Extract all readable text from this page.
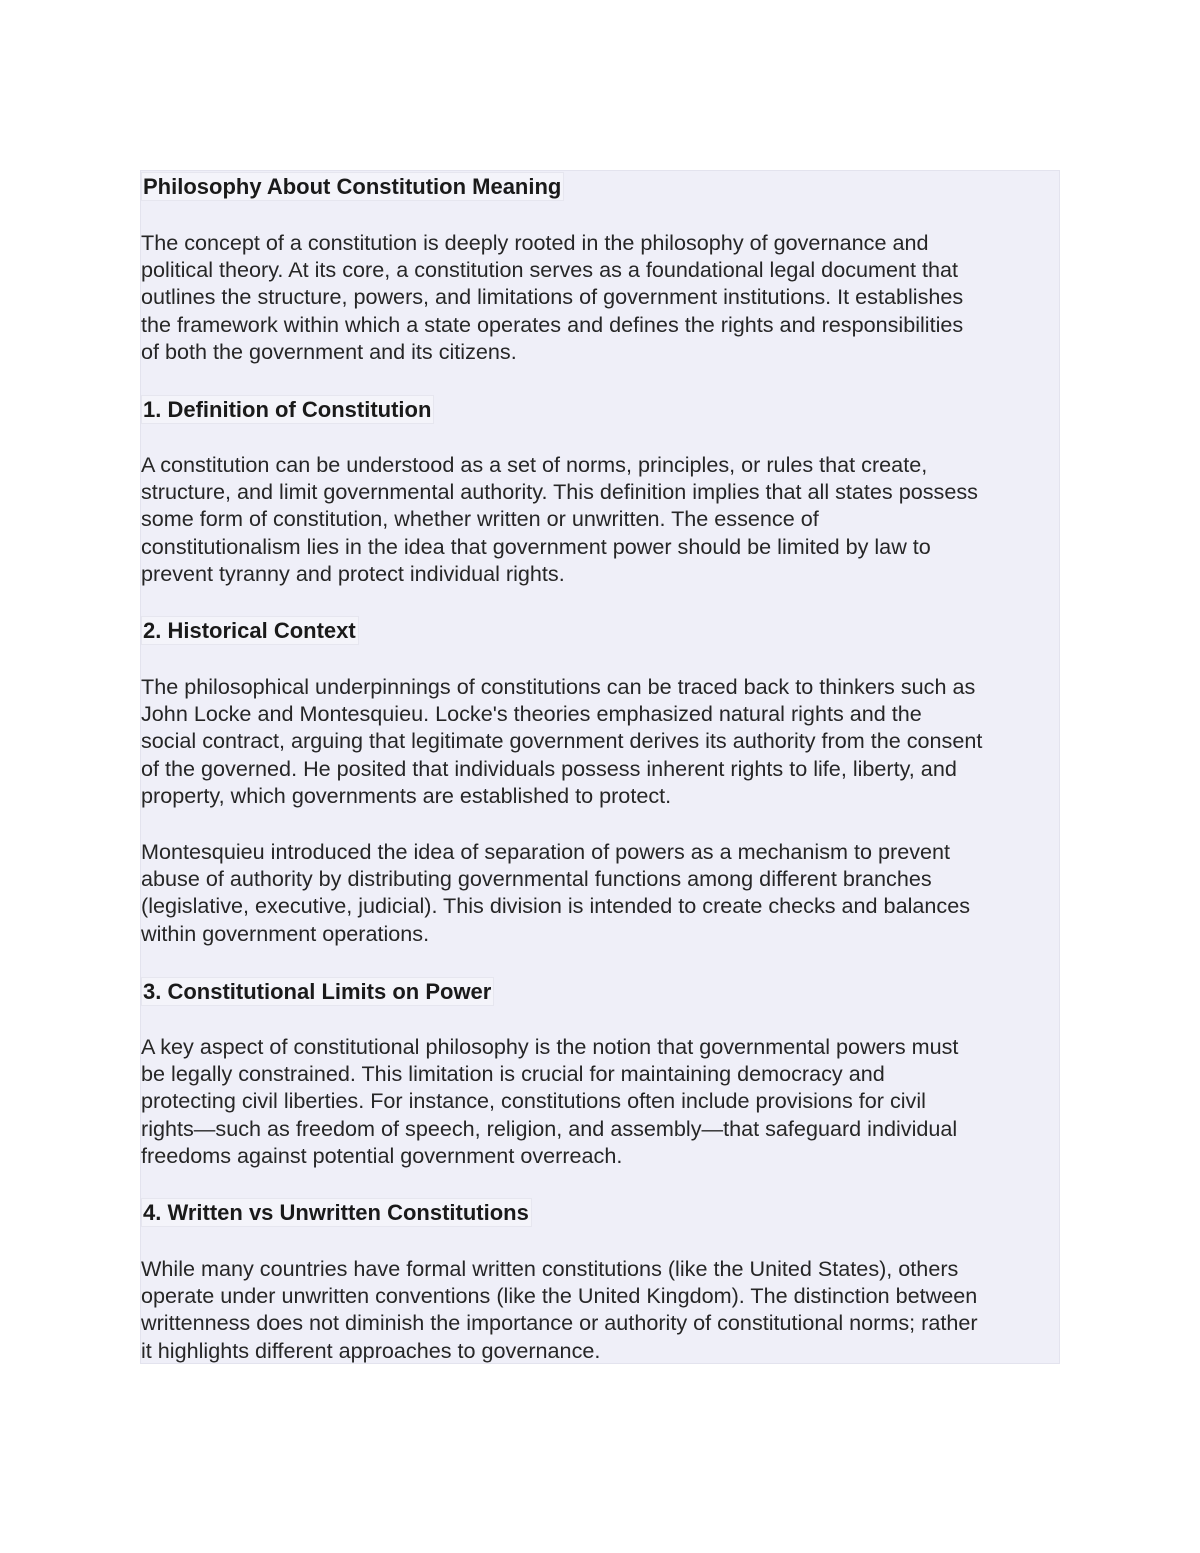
Philosophy About Constitution Meaning
The concept of a constitution is deeply rooted in the philosophy of governance and
political theory. At its core, a constitution serves as a foundational legal document that
outlines the structure, powers, and limitations of government institutions. It establishes
the framework within which a state operates and defines the rights and responsibilities
of both the government and its citizens.
1. Definition of Constitution
A constitution can be understood as a set of norms, principles, or rules that create,
structure, and limit governmental authority. This definition implies that all states possess
some form of constitution, whether written or unwritten. The essence of
constitutionalism lies in the idea that government power should be limited by law to
prevent tyranny and protect individual rights.
2. Historical Context
The philosophical underpinnings of constitutions can be traced back to thinkers such as
John Locke and Montesquieu. Locke's theories emphasized natural rights and the
social contract, arguing that legitimate government derives its authority from the consent
of the governed. He posited that individuals possess inherent rights to life, liberty, and
property, which governments are established to protect.
Montesquieu introduced the idea of separation of powers as a mechanism to prevent
abuse of authority by distributing governmental functions among different branches
(legislative, executive, judicial). This division is intended to create checks and balances
within government operations.
3. Constitutional Limits on Power
A key aspect of constitutional philosophy is the notion that governmental powers must
be legally constrained. This limitation is crucial for maintaining democracy and
protecting civil liberties. For instance, constitutions often include provisions for civil
rights—such as freedom of speech, religion, and assembly—that safeguard individual
freedoms against potential government overreach.
4. Written vs Unwritten Constitutions
While many countries have formal written constitutions (like the United States), others
operate under unwritten conventions (like the United Kingdom). The distinction between
writtenness does not diminish the importance or authority of constitutional norms; rather
it highlights different approaches to governance.
